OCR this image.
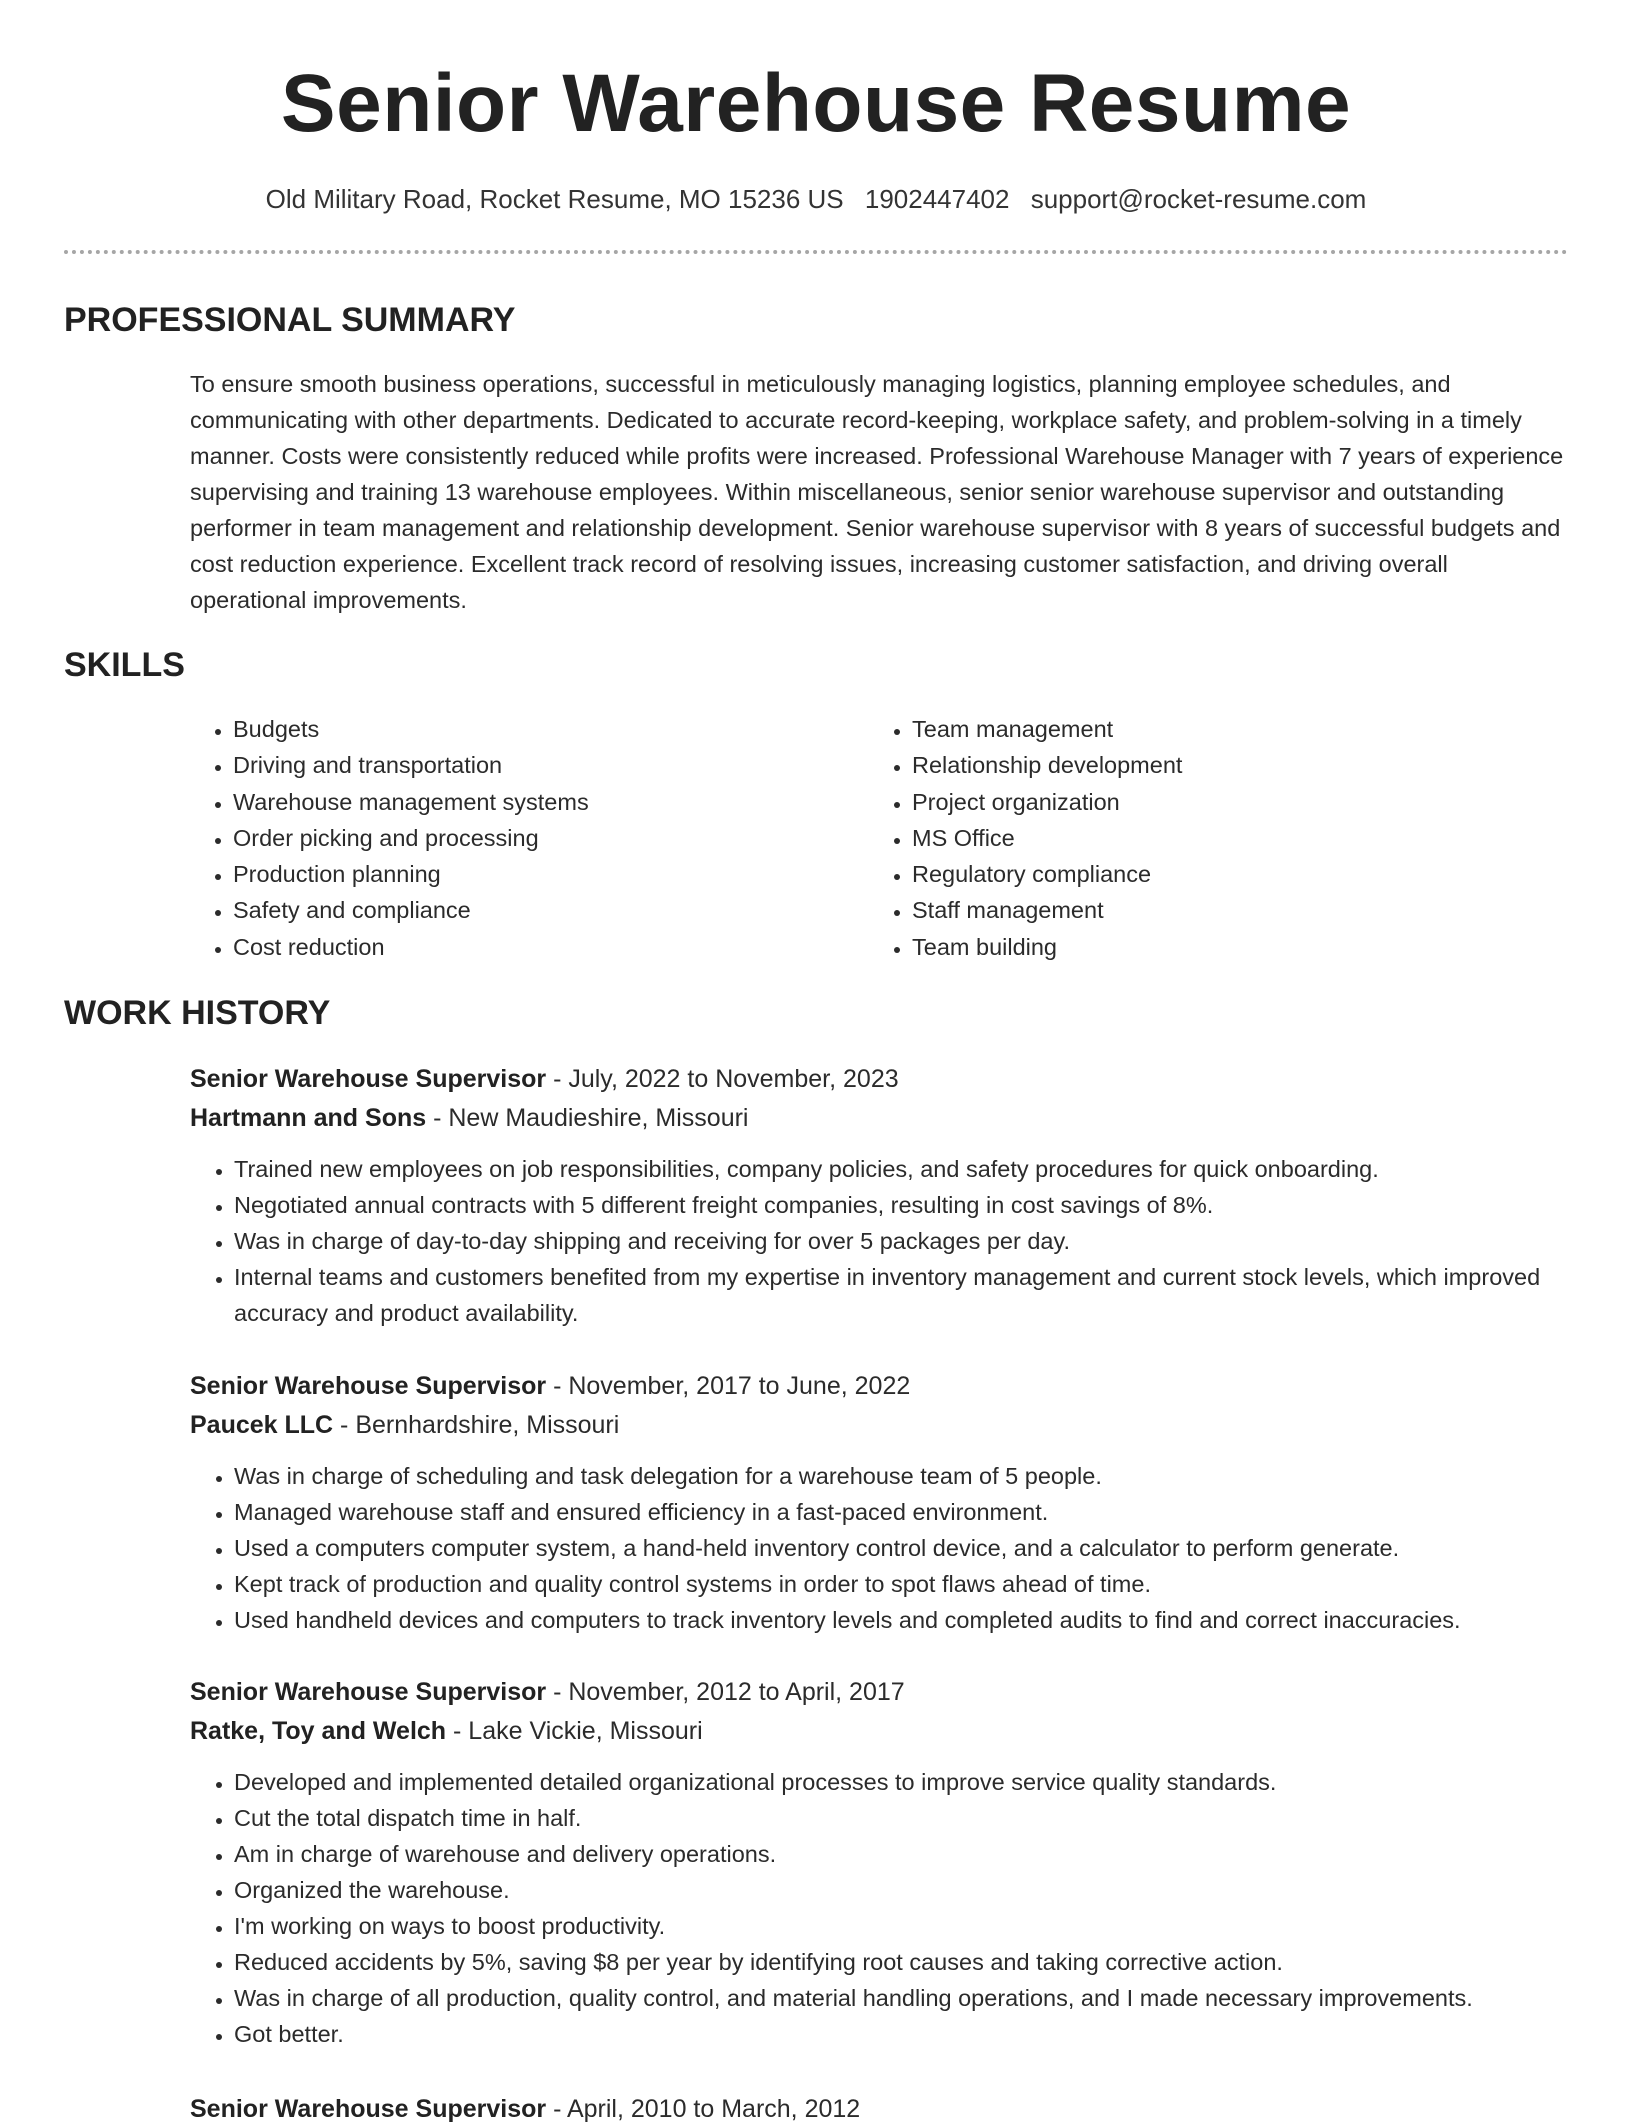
Senior Warehouse Resume
Old Military Road, Rocket Resume, MO 15236 US 1902447402 support@rocket-resume.com
PROFESSIONAL SUMMARY

To ensure smooth business operations, successful in meticulously managing logistics, planning employee schedules, and communicating with other departments. Dedicated to accurate record-keeping, workplace safety, and problem-solving in a timely manner. Costs were consistently reduced while profits were increased. Professional Warehouse Manager with 7 years of experience supervising and training 13 warehouse employees. Within miscellaneous, senior senior warehouse supervisor and outstanding performer in team management and relationship development. Senior warehouse supervisor with 8 years of successful budgets and cost reduction experience. Excellent track record of resolving issues, increasing customer satisfaction, and driving overall operational improvements.

SKILLS
• Budgets
• Driving and transportation
• Warehouse management systems
• Order picking and processing
• Production planning
• Safety and compliance
• Cost reduction
• Team management
• Relationship development
• Project organization
• MS Office
• Regulatory compliance
• Staff management
• Team building
WORK HISTORY
Senior Warehouse Supervisor - July, 2022 to November, 2023
Hartmann and Sons - New Maudieshire, Missouri
• Trained new employees on job responsibilities, company policies, and safety procedures for quick onboarding.
• Negotiated annual contracts with 5 different freight companies, resulting in cost savings of 8%.
• Was in charge of day-to-day shipping and receiving for over 5 packages per day.
• Internal teams and customers benefited from my expertise in inventory management and current stock levels, which improved accuracy and product availability.
Senior Warehouse Supervisor - November, 2017 to June, 2022
Paucek LLC - Bernhardshire, Missouri
• Was in charge of scheduling and task delegation for a warehouse team of 5 people.
• Managed warehouse staff and ensured efficiency in a fast-paced environment.
• Used a computers computer system, a hand-held inventory control device, and a calculator to perform generate.
• Kept track of production and quality control systems in order to spot flaws ahead of time.
• Used handheld devices and computers to track inventory levels and completed audits to find and correct inaccuracies.
Senior Warehouse Supervisor - November, 2012 to April, 2017
Ratke, Toy and Welch - Lake Vickie, Missouri
• Developed and implemented detailed organizational processes to improve service quality standards.
• Cut the total dispatch time in half.
• Am in charge of warehouse and delivery operations.
• Organized the warehouse.
• I'm working on ways to boost productivity.
• Reduced accidents by 5%, saving $8 per year by identifying root causes and taking corrective action.
• Was in charge of all production, quality control, and material handling operations, and I made necessary improvements.
• Got better.
Senior Warehouse Supervisor - April, 2010 to March, 2012
